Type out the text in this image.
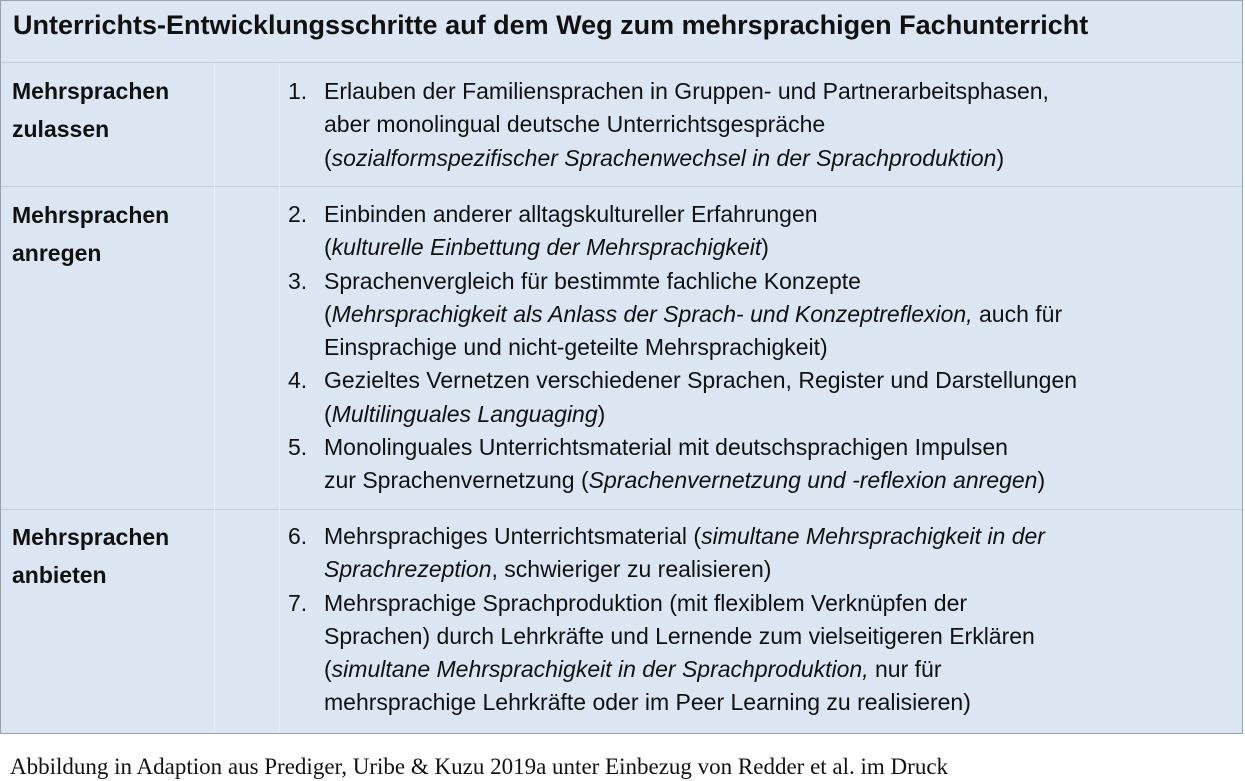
Unterrichts-Entwicklungsschritte auf dem Weg zum mehrsprachigen Fachunterricht
Mehrsprachen
zulassen
1. Erlauben der Familiensprachen in Gruppen- und Partnerarbeitsphasen,
aber monolingual deutsche Unterrichtsgespräche
(sozialformspezifischer Sprachenwechsel in der Sprachproduktion)
Mehrsprachen
anregen
2. Einbinden anderer alltagskultureller Erfahrungen
(kulturelle Einbettung der Mehrsprachigkeit)
3. Sprachenvergleich für bestimmte fachliche Konzepte
(Mehrsprachigkeit als Anlass der Sprach- und Konzeptreflexion, auch für
Einsprachige und nicht-geteilte Mehrsprachigkeit)
4. Gezieltes Vernetzen verschiedener Sprachen, Register und Darstellungen
(Multilinguales Languaging)
5. Monolinguales Unterrichtsmaterial mit deutschsprachigen Impulsen
zur Sprachenvernetzung (Sprachenvernetzung und -reflexion anregen)
Mehrsprachen
anbieten
6. Mehrsprachiges Unterrichtsmaterial (simultane Mehrsprachigkeit in der
Sprachrezeption, schwieriger zu realisieren)
7. Mehrsprachige Sprachproduktion (mit flexiblem Verknüpfen der
Sprachen) durch Lehrkräfte und Lernende zum vielseitigeren Erklären
(simultane Mehrsprachigkeit in der Sprachproduktion, nur für
mehrsprachige Lehrkräfte oder im Peer Learning zu realisieren)
Abbildung in Adaption aus Prediger, Uribe & Kuzu 2019a unter Einbezug von Redder et al. im Druck
